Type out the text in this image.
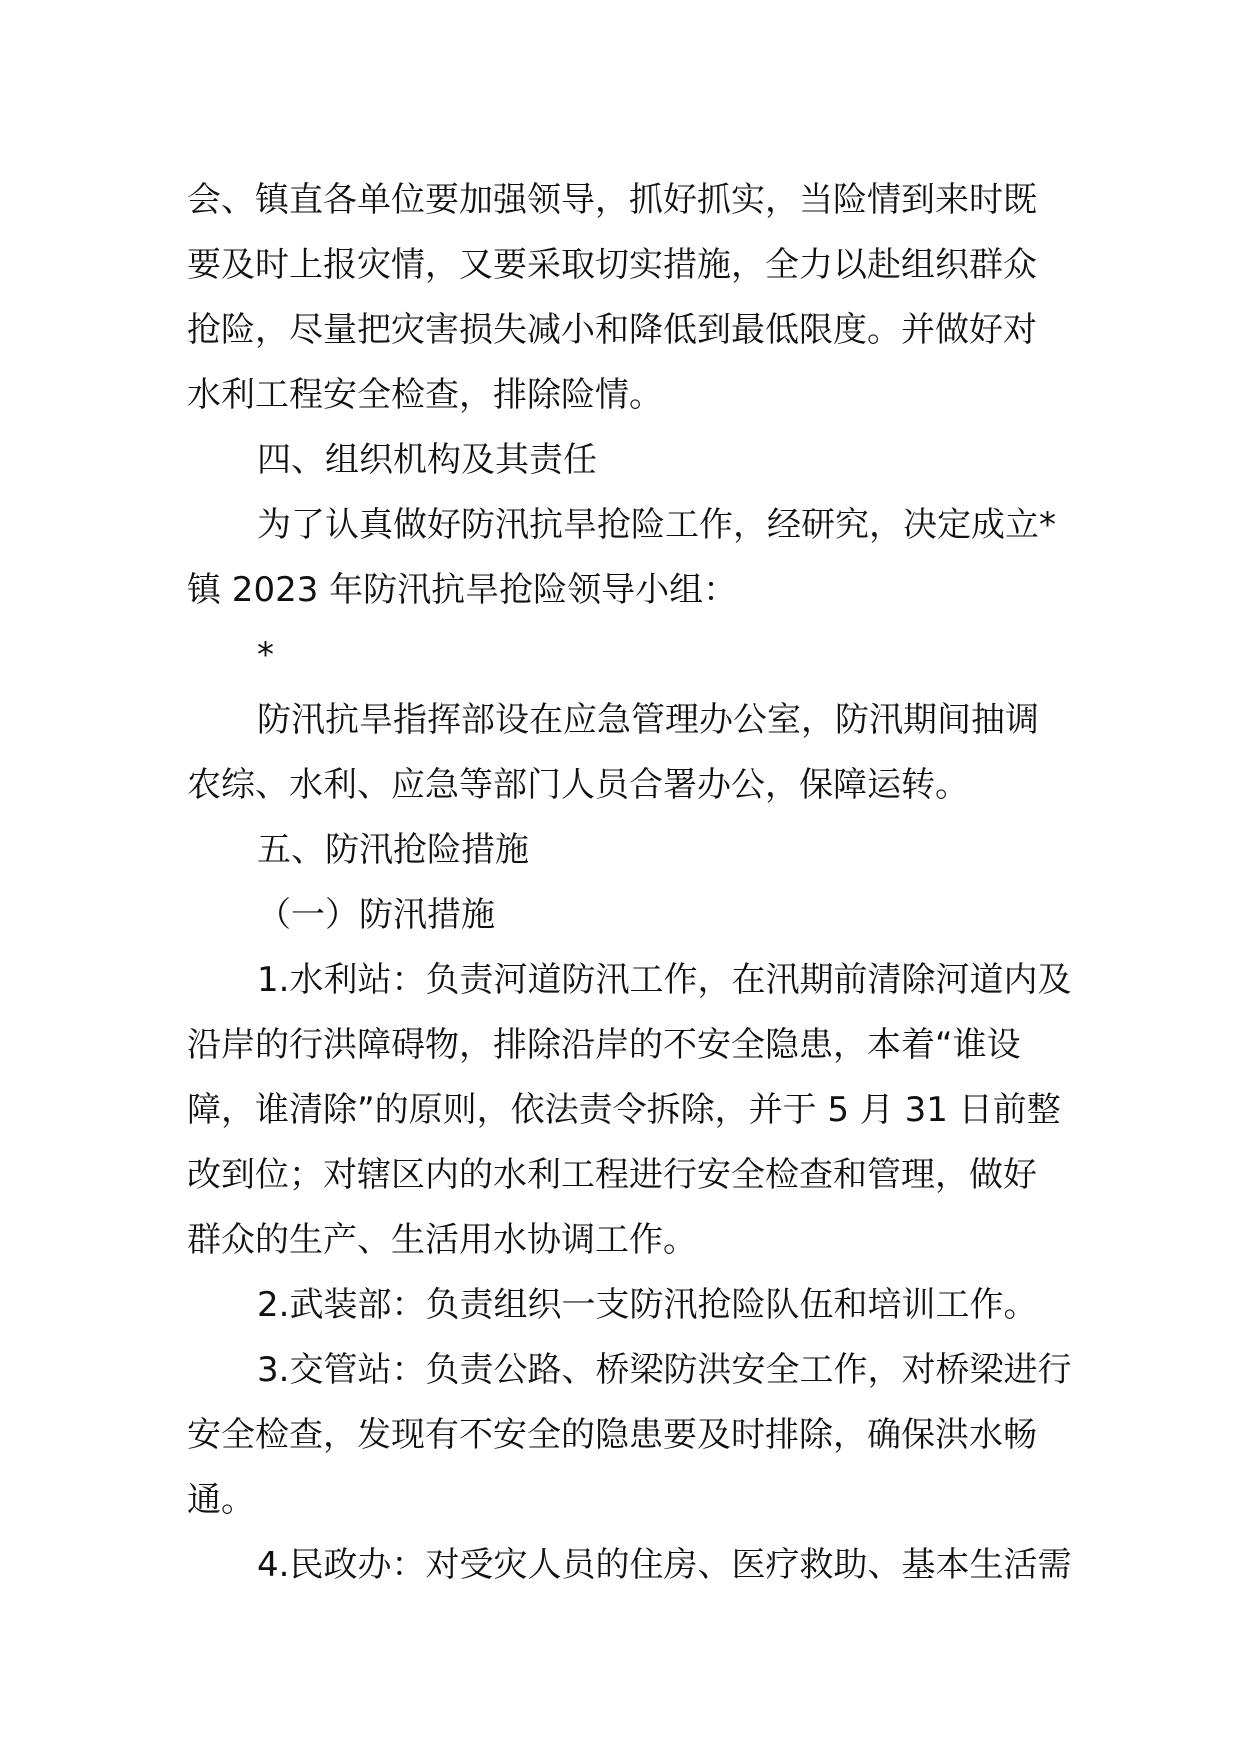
会、镇直各单位要加强领导，抓好抓实，当险情到来时既
要及时上报灾情，又要采取切实措施，全力以赴组织群众
抢险，尽量把灾害损失减小和降低到最低限度。并做好对
水利工程安全检查，排除险情。
四、组织机构及其责任
为了认真做好防汛抗旱抢险工作，经研究，决定成立*
镇 2023 年防汛抗旱抢险领导小组：
*
防汛抗旱指挥部设在应急管理办公室，防汛期间抽调
农综、水利、应急等部门人员合署办公，保障运转。
五、防汛抢险措施
（一）防汛措施
1.水利站：负责河道防汛工作，在汛期前清除河道内及
沿岸的行洪障碍物，排除沿岸的不安全隐患，本着“谁设
障，谁清除”的原则，依法责令拆除，并于 5 月 31 日前整
改到位；对辖区内的水利工程进行安全检查和管理，做好
群众的生产、生活用水协调工作。
2.武装部：负责组织一支防汛抢险队伍和培训工作。
3.交管站：负责公路、桥梁防洪安全工作，对桥梁进行
安全检查，发现有不安全的隐患要及时排除，确保洪水畅
通。
4.民政办：对受灾人员的住房、医疗救助、基本生活需
